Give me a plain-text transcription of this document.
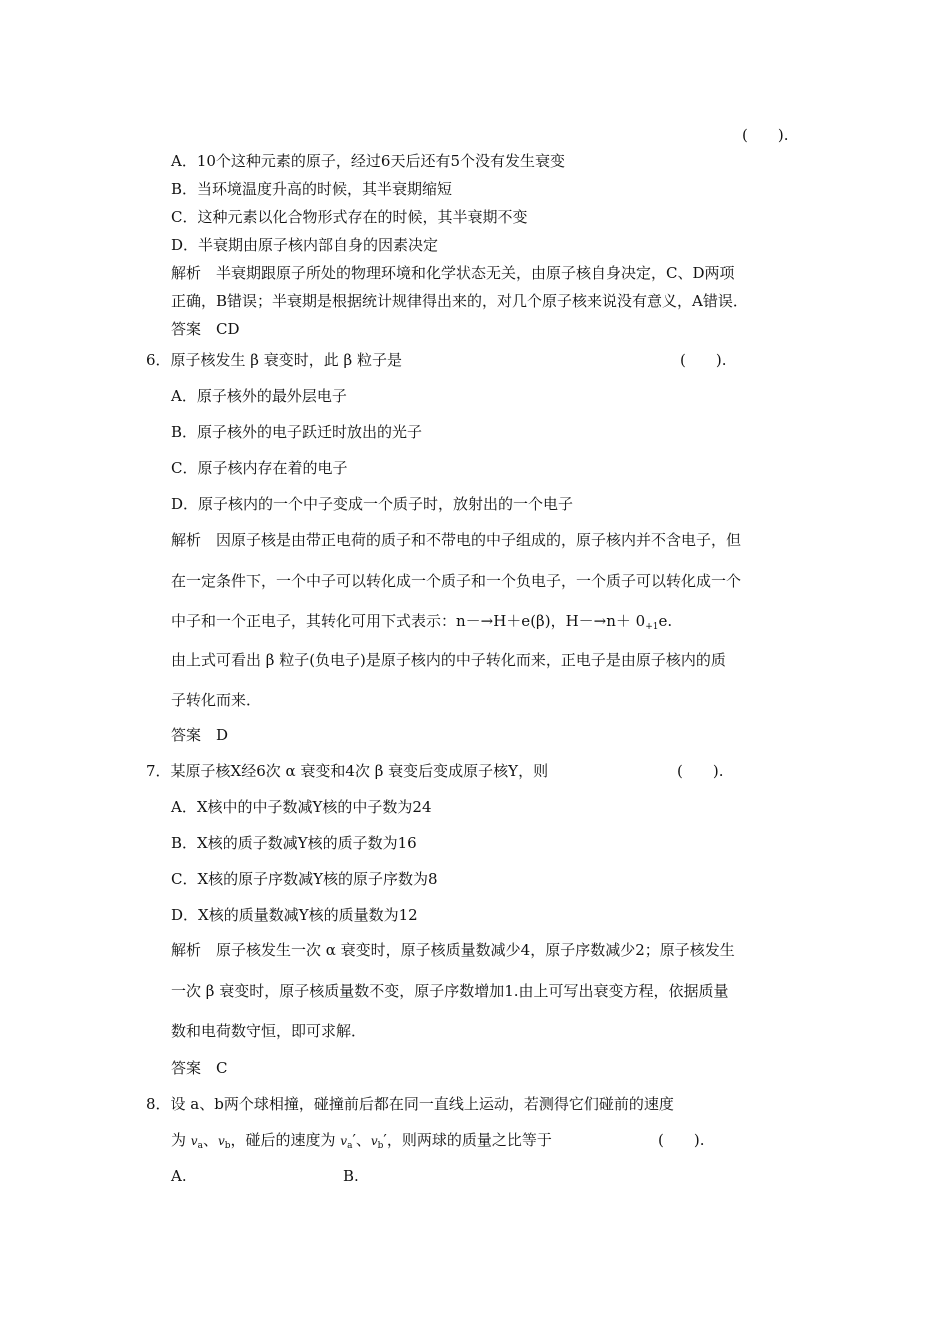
(　　).
A．10个这种元素的原子，经过6天后还有5个没有发生衰变
B．当环境温度升高的时候，其半衰期缩短
C．这种元素以化合物形式存在的时候，其半衰期不变
D．半衰期由原子核内部自身的因素决定
解析　半衰期跟原子所处的物理环境和化学状态无关，由原子核自身决定，C、D两项
正确，B错误；半衰期是根据统计规律得出来的，对几个原子核来说没有意义，A错误．
答案　CD
6．原子核发生 β 衰变时，此 β 粒子是	(　　).
A．原子核外的最外层电子
B．原子核外的电子跃迁时放出的光子
C．原子核内存在着的电子
D．原子核内的一个中子变成一个质子时，放射出的一个电子
解析　因原子核是由带正电荷的质子和不带电的中子组成的，原子核内并不含电子，但
在一定条件下，一个中子可以转化成一个质子和一个负电子，一个质子可以转化成一个
中子和一个正电子，其转化可用下式表示：n－→H＋e(β)，$H-\to n+ 0_{+1}e$.
由上式可看出 β 粒子(负电子)是原子核内的中子转化而来，正电子是由原子核内的质
子转化而来．
答案　D
7．某原子核X经6次 α 衰变和4次 β 衰变后变成原子核Y，则	(　　).
A．X核中的中子数减Y核的中子数为24
B．X核的质子数减Y核的质子数为16
C．X核的原子序数减Y核的原子序数为8
D．X核的质量数减Y核的质量数为12
解析　原子核发生一次 α 衰变时，原子核质量数减少4，原子序数减少2；原子核发生
一次 β 衰变时，原子核质量数不变，原子序数增加1.由上可写出衰变方程，依据质量
数和电荷数守恒，即可求解．
答案　C
8．设 a、b两个球相撞，碰撞前后都在同一直线上运动，若测得它们碰前的速度
为 $v_a$、$v_b$，碰后的速度为 $v_a'$、$v_b'$，则两球的质量之比等于	(　　).
A.	B.
